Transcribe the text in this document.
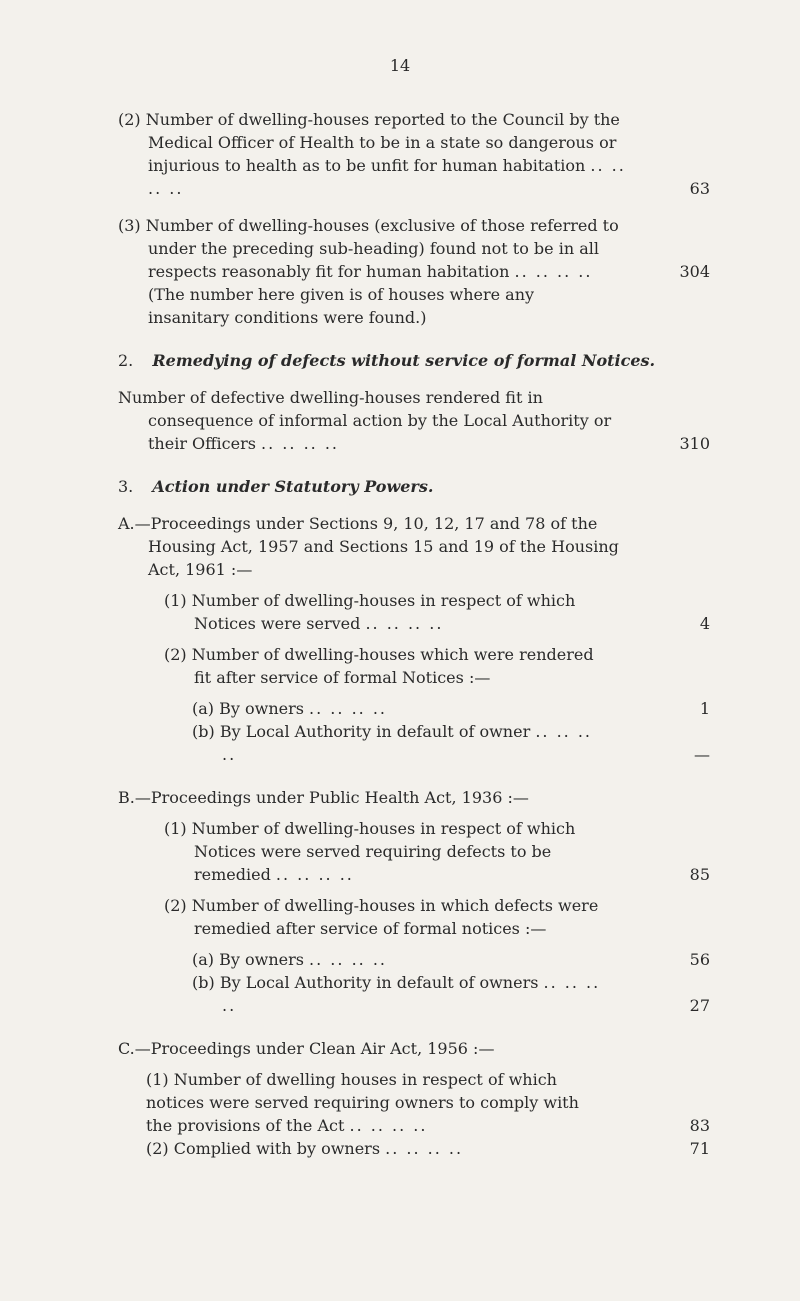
14
(2) Number of dwelling-houses reported to the Council by the Medical Officer of Health to be in a state so dangerous or injurious to health as to be unfit for human habitation .. .. .. ..	63
(3) Number of dwelling-houses (exclusive of those referred to under the preceding sub-heading) found not to be in all respects reasonably fit for human habitation .. .. .. ..	304
(The number here given is of houses where any insanitary conditions were found.)
2. Remedying of defects without service of formal Notices.
Number of defective dwelling-houses rendered fit in consequence of informal action by the Local Authority or their Officers .. .. .. ..	310
3. Action under Statutory Powers.
A.—Proceedings under Sections 9, 10, 12, 17 and 78 of the Housing Act, 1957 and Sections 15 and 19 of the Housing Act, 1961 :—
(1) Number of dwelling-houses in respect of which Notices were served .. .. .. ..	4
(2) Number of dwelling-houses which were rendered fit after service of formal Notices :—
(a) By owners .. .. .. ..	1
(b) By Local Authority in default of owner .. .. .. ..	—
B.—Proceedings under Public Health Act, 1936 :—
(1) Number of dwelling-houses in respect of which Notices were served requiring defects to be remedied .. .. .. ..	85
(2) Number of dwelling-houses in which defects were remedied after service of formal notices :—
(a) By owners .. .. .. ..	56
(b) By Local Authority in default of owners .. .. .. ..	27
C.—Proceedings under Clean Air Act, 1956 :—
(1) Number of dwelling houses in respect of which notices were served requiring owners to comply with the provisions of the Act .. .. .. ..	83
(2) Complied with by owners .. .. .. ..	71
